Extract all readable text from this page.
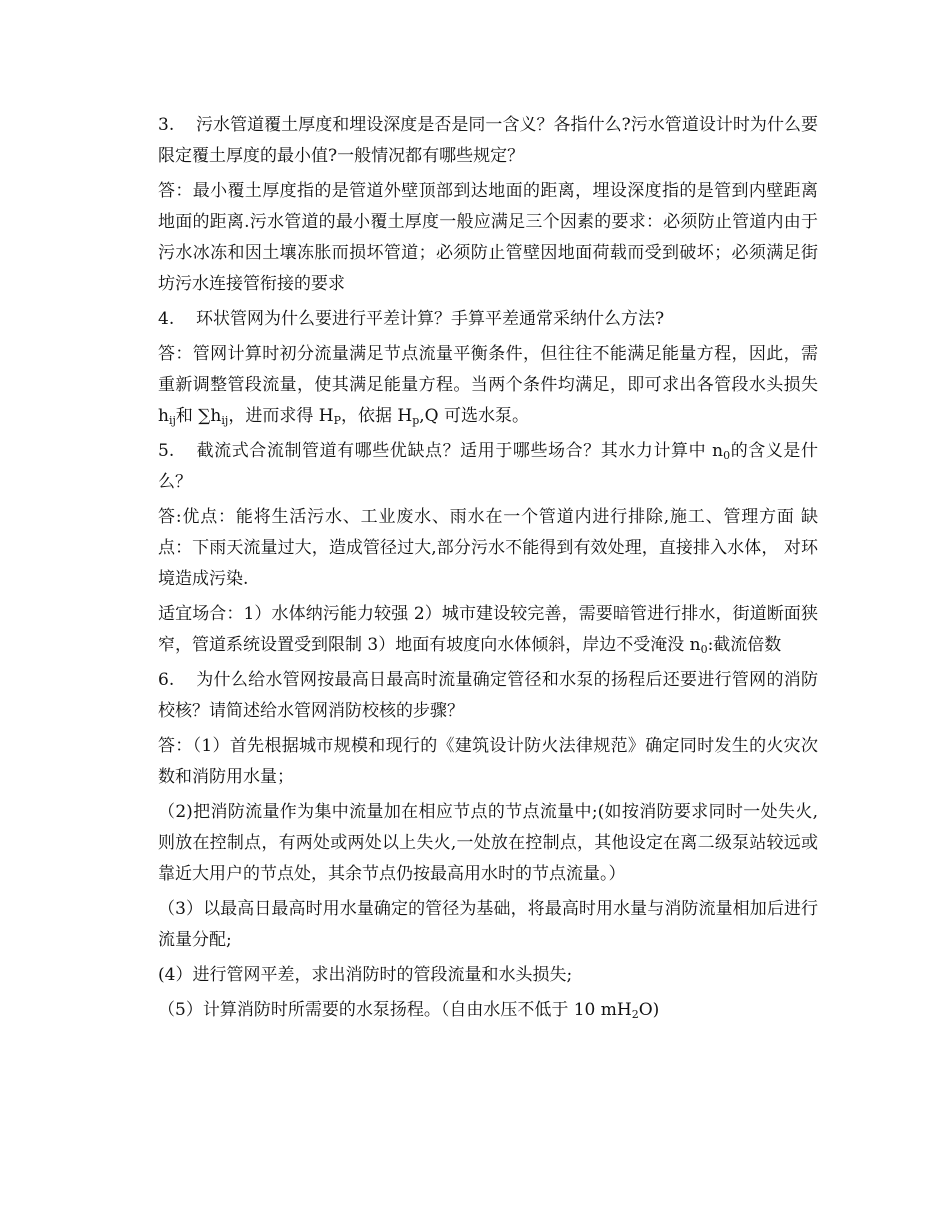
3. 污水管道覆土厚度和埋设深度是否是同一含义？各指什么?污水管道设计时为什么要限定覆土厚度的最小值?一般情况都有哪些规定？

答：最小覆土厚度指的是管道外壁顶部到达地面的距离，埋设深度指的是管到内壁距离地面的距离.污水管道的最小覆土厚度一般应满足三个因素的要求：必须防止管道内由于污水冰冻和因土壤冻胀而损坏管道；必须防止管壁因地面荷载而受到破坏；必须满足街坊污水连接管衔接的要求

4. 环状管网为什么要进行平差计算？手算平差通常采纳什么方法?

答：管网计算时初分流量满足节点流量平衡条件，但往往不能满足能量方程，因此，需重新调整管段流量，使其满足能量方程。当两个条件均满足，即可求出各管段水头损失 $h_{ij}$和 $\sum h_{ij}$，进而求得 $H_P$，依据 $H_p,Q$ 可选水泵。

5. 截流式合流制管道有哪些优缺点？适用于哪些场合？其水力计算中 $n_0$的含义是什么？

答:优点：能将生活污水、工业废水、雨水在一个管道内进行排除,施工、管理方面 缺点：下雨天流量过大，造成管径过大,部分污水不能得到有效处理，直接排入水体， 对环境造成污染.

适宜场合：1）水体纳污能力较强 2）城市建设较完善，需要暗管进行排水，街道断面狭窄，管道系统设置受到限制 3）地面有坡度向水体倾斜，岸边不受淹没 $n_0$:截流倍数

6. 为什么给水管网按最高日最高时流量确定管径和水泵的扬程后还要进行管网的消防校核？请简述给水管网消防校核的步骤？

答：（1）首先根据城市规模和现行的《建筑设计防火法律规范》确定同时发生的火灾次数和消防用水量；

（2)把消防流量作为集中流量加在相应节点的节点流量中;(如按消防要求同时一处失火,则放在控制点，有两处或两处以上失火,一处放在控制点，其他设定在离二级泵站较远或靠近大用户的节点处，其余节点仍按最高用水时的节点流量。）

（3）以最高日最高时用水量确定的管径为基础，将最高时用水量与消防流量相加后进行流量分配;

(4）进行管网平差，求出消防时的管段流量和水头损失;

（5）计算消防时所需要的水泵扬程。（自由水压不低于 10 $mH_2O$)
